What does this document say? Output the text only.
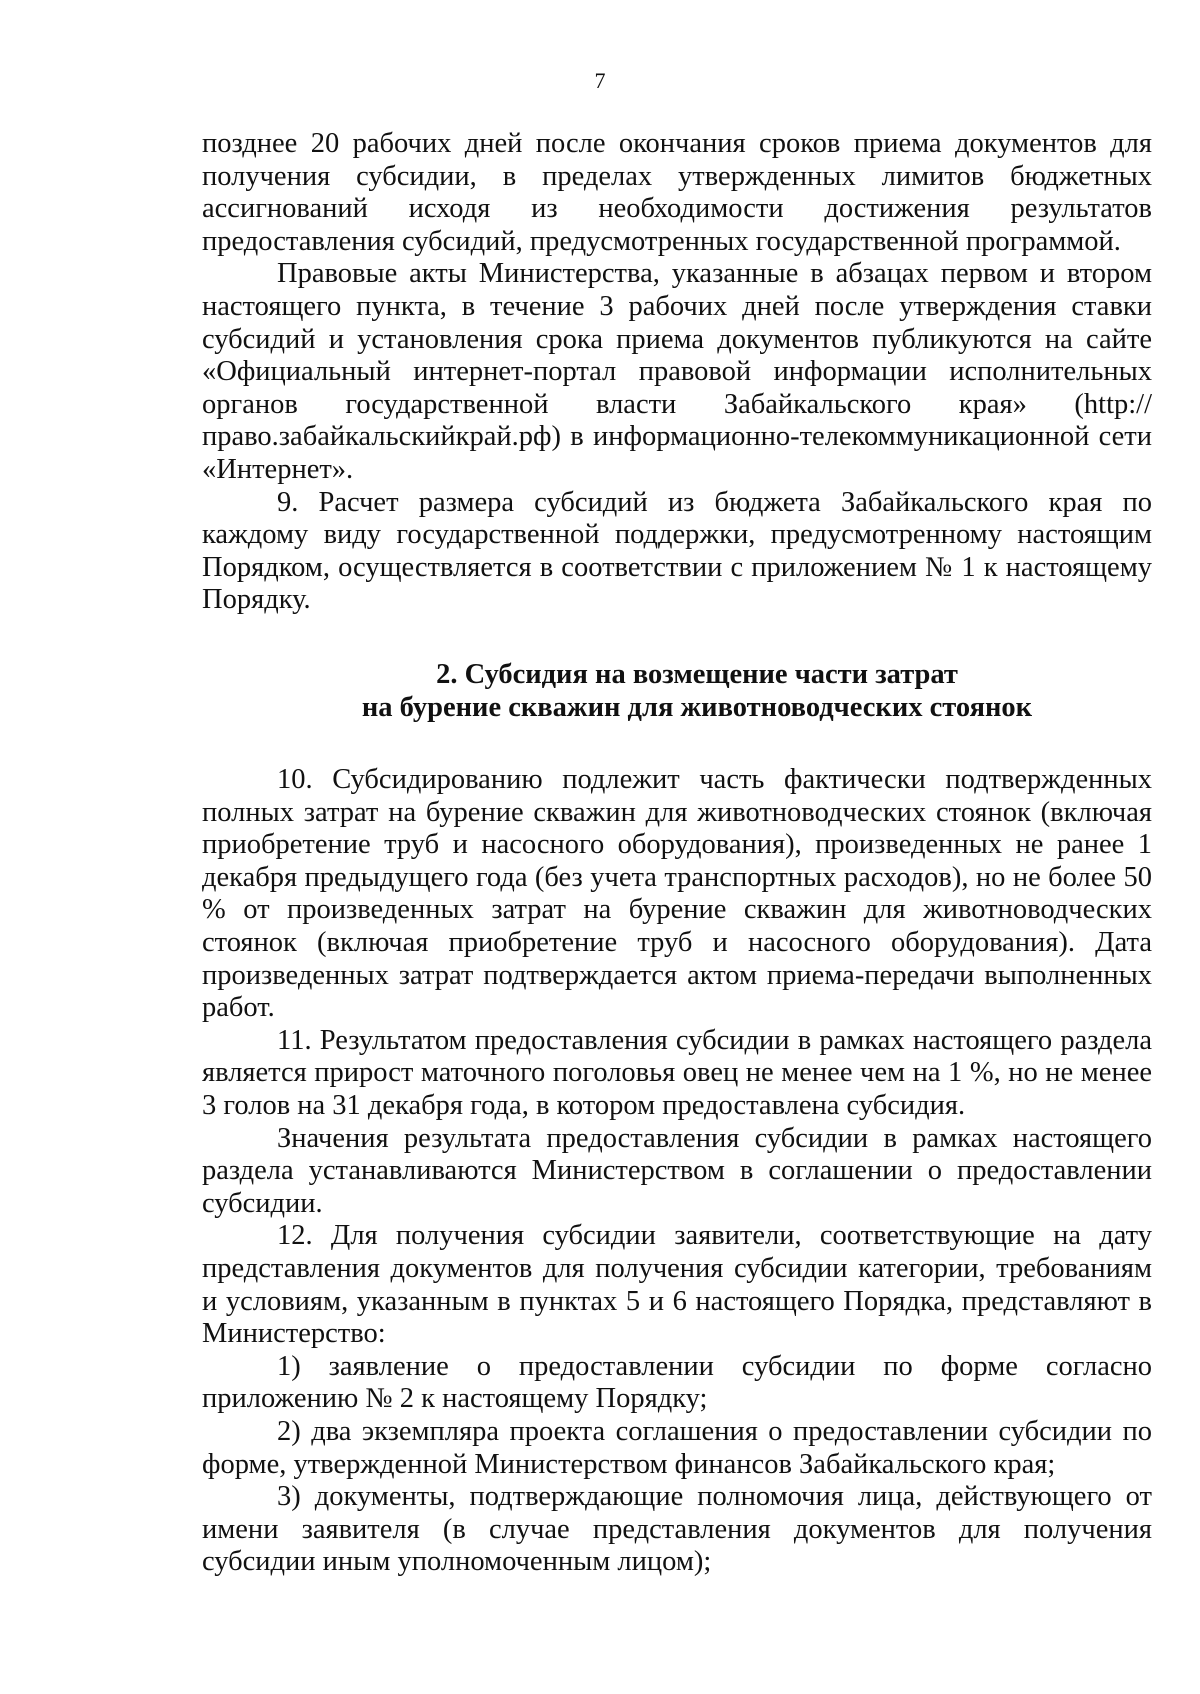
7

позднее 20 рабочих дней после окончания сроков приема документов для получения субсидии, в пределах утвержденных лимитов бюджетных ассигнований исходя из необходимости достижения результатов предоставления субсидий, предусмотренных государственной программой.

Правовые акты Министерства, указанные в абзацах первом и втором настоящего пункта, в течение 3 рабочих дней после утверждения ставки субсидий и установления срока приема документов публикуются на сайте «Официальный интернет-портал правовой информации исполнительных органов государственной власти Забайкальского края» (http://право.забайкальскийкрай.рф) в информационно-телекоммуникационной сети «Интернет».

9. Расчет размера субсидий из бюджета Забайкальского края по каждому виду государственной поддержки, предусмотренному настоящим Порядком, осуществляется в соответствии с приложением № 1 к настоящему Порядку.

2. Субсидия на возмещение части затрат
на бурение скважин для животноводческих стоянок

10. Субсидированию подлежит часть фактически подтвержденных полных затрат на бурение скважин для животноводческих стоянок (включая приобретение труб и насосного оборудования), произведенных не ранее 1 декабря предыдущего года (без учета транспортных расходов), но не более 50 % от произведенных затрат на бурение скважин для животноводческих стоянок (включая приобретение труб и насосного оборудования). Дата произведенных затрат подтверждается актом приема-передачи выполненных работ.

11. Результатом предоставления субсидии в рамках настоящего раздела является прирост маточного поголовья овец не менее чем на 1 %, но не менее 3 голов на 31 декабря года, в котором предоставлена субсидия.

Значения результата предоставления субсидии в рамках настоящего раздела устанавливаются Министерством в соглашении о предоставлении субсидии.

12. Для получения субсидии заявители, соответствующие на дату представления документов для получения субсидии категории, требованиям и условиям, указанным в пунктах 5 и 6 настоящего Порядка, представляют в Министерство:

1) заявление о предоставлении субсидии по форме согласно приложению № 2 к настоящему Порядку;

2) два экземпляра проекта соглашения о предоставлении субсидии по форме, утвержденной Министерством финансов Забайкальского края;

3) документы, подтверждающие полномочия лица, действующего от имени заявителя (в случае представления документов для получения субсидии иным уполномоченным лицом);
